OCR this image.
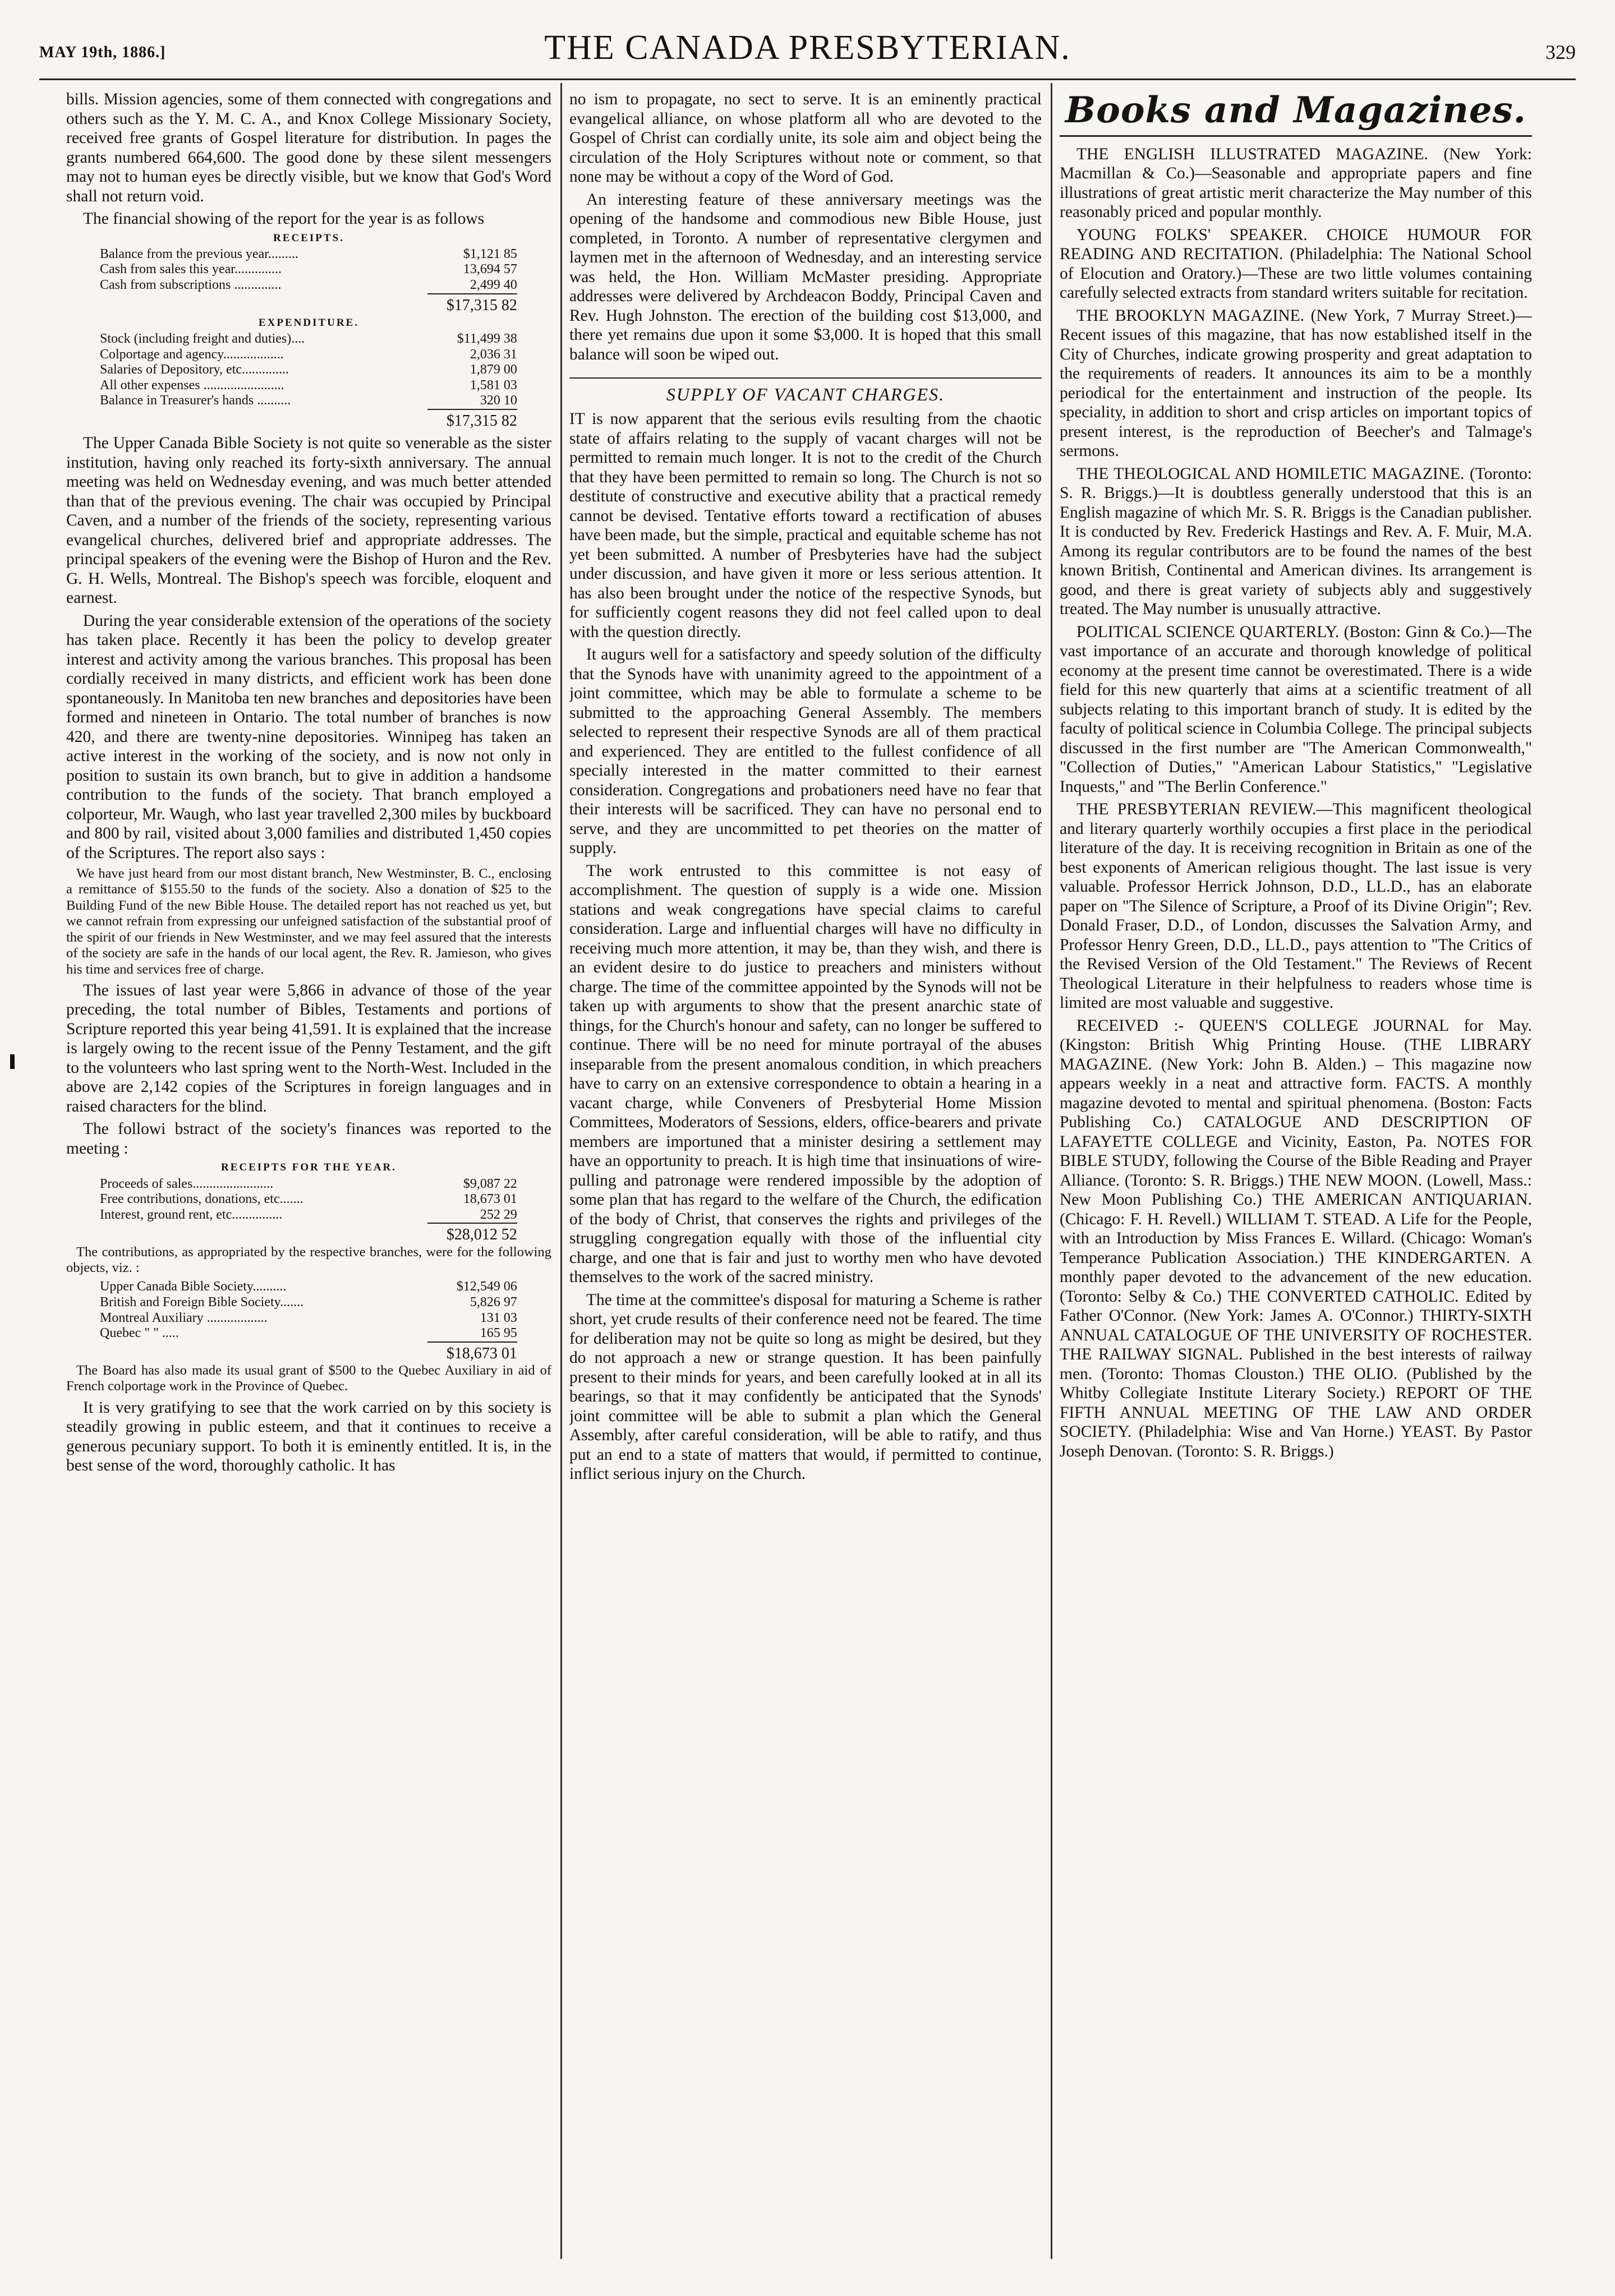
MAY 19th, 1886.]	THE CANADA PRESBYTERIAN.	329

bills. Mission agencies, some of them connected with congregations and others such as the Y. M. C. A., and Knox College Missionary Society, received free grants of Gospel literature for distribution. In pages the grants numbered 664,600. The good done by these silent messengers may not to human eyes be directly visible, but we know that God's Word shall not return void.

The financial showing of the report for the year is as follows

RECEIPTS.
Balance from the previous year.........	$1,121 85
Cash from sales this year..............	13,694 57
Cash from subscriptions ..............	2,499 40
	$17,315 82
EXPENDITURE.
Stock (including freight and duties)....	$11,499 38
Colportage and agency..................	2,036 31
Salaries of Depository, etc..............	1,879 00
All other expenses ........................	1,581 03
Balance in Treasurer's hands ..........	320 10
	$17,315 82

The Upper Canada Bible Society is not quite so venerable as the sister institution, having only reached its forty-sixth anniversary. The annual meeting was held on Wednesday evening, and was much better attended than that of the previous evening. The chair was occupied by Principal Caven, and a number of the friends of the society, representing various evangelical churches, delivered brief and appropriate addresses. The principal speakers of the evening were the Bishop of Huron and the Rev. G. H. Wells, Montreal. The Bishop's speech was forcible, eloquent and earnest.

During the year considerable extension of the operations of the society has taken place. Recently it has been the policy to develop greater interest and activity among the various branches. This proposal has been cordially received in many districts, and efficient work has been done spontaneously. In Manitoba ten new branches and depositories have been formed and nineteen in Ontario. The total number of branches is now 420, and there are twenty-nine depositories. Winnipeg has taken an active interest in the working of the society, and is now not only in position to sustain its own branch, but to give in addition a handsome contribution to the funds of the society. That branch employed a colporteur, Mr. Waugh, who last year travelled 2,300 miles by buckboard and 800 by rail, visited about 3,000 families and distributed 1,450 copies of the Scriptures. The report also says :

We have just heard from our most distant branch, New Westminster, B. C., enclosing a remittance of $155.50 to the funds of the society. Also a donation of $25 to the Building Fund of the new Bible House. The detailed report has not reached us yet, but we cannot refrain from expressing our unfeigned satisfaction of the substantial proof of the spirit of our friends in New Westminster, and we may feel assured that the interests of the society are safe in the hands of our local agent, the Rev. R. Jamieson, who gives his time and services free of charge.

The issues of last year were 5,866 in advance of those of the year preceding, the total number of Bibles, Testaments and portions of Scripture reported this year being 41,591. It is explained that the increase is largely owing to the recent issue of the Penny Testament, and the gift to the volunteers who last spring went to the North-West. Included in the above are 2,142 copies of the Scriptures in foreign languages and in raised characters for the blind.

The followi bstract of the society's finances was reported to the meeting :

RECEIPTS FOR THE YEAR.
Proceeds of sales........................	$9,087 22
Free contributions, donations, etc.......	18,673 01
Interest, ground rent, etc...............	252 29
	$28,012 52

The contributions, as appropriated by the respective branches, were for the following objects, viz. :

Upper Canada Bible Society..........	$12,549 06
British and Foreign Bible Society.......	5,826 97
Montreal Auxiliary ..................	131 03
Quebec " " .....	165 95
	$18,673 01

The Board has also made its usual grant of $500 to the Quebec Auxiliary in aid of French colportage work in the Province of Quebec.

It is very gratifying to see that the work carried on by this society is steadily growing in public esteem, and that it continues to receive a generous pecuniary support. To both it is eminently entitled. It is, in the best sense of the word, thoroughly catholic. It has

no ism to propagate, no sect to serve. It is an eminently practical evangelical alliance, on whose platform all who are devoted to the Gospel of Christ can cordially unite, its sole aim and object being the circulation of the Holy Scriptures without note or comment, so that none may be without a copy of the Word of God.

An interesting feature of these anniversary meetings was the opening of the handsome and commodious new Bible House, just completed, in Toronto. A number of representative clergymen and laymen met in the afternoon of Wednesday, and an interesting service was held, the Hon. William McMaster presiding. Appropriate addresses were delivered by Archdeacon Boddy, Principal Caven and Rev. Hugh Johnston. The erection of the building cost $13,000, and there yet remains due upon it some $3,000. It is hoped that this small balance will soon be wiped out.

SUPPLY OF VACANT CHARGES.

IT is now apparent that the serious evils resulting from the chaotic state of affairs relating to the supply of vacant charges will not be permitted to remain much longer. It is not to the credit of the Church that they have been permitted to remain so long. The Church is not so destitute of constructive and executive ability that a practical remedy cannot be devised. Tentative efforts toward a rectification of abuses have been made, but the simple, practical and equitable scheme has not yet been submitted. A number of Presbyteries have had the subject under discussion, and have given it more or less serious attention. It has also been brought under the notice of the respective Synods, but for sufficiently cogent reasons they did not feel called upon to deal with the question directly.

It augurs well for a satisfactory and speedy solution of the difficulty that the Synods have with unanimity agreed to the appointment of a joint committee, which may be able to formulate a scheme to be submitted to the approaching General Assembly. The members selected to represent their respective Synods are all of them practical and experienced. They are entitled to the fullest confidence of all specially interested in the matter committed to their earnest consideration. Congregations and probationers need have no fear that their interests will be sacrificed. They can have no personal end to serve, and they are uncommitted to pet theories on the matter of supply.

The work entrusted to this committee is not easy of accomplishment. The question of supply is a wide one. Mission stations and weak congregations have special claims to careful consideration. Large and influential charges will have no difficulty in receiving much more attention, it may be, than they wish, and there is an evident desire to do justice to preachers and ministers without charge. The time of the committee appointed by the Synods will not be taken up with arguments to show that the present anarchic state of things, for the Church's honour and safety, can no longer be suffered to continue. There will be no need for minute portrayal of the abuses inseparable from the present anomalous condition, in which preachers have to carry on an extensive correspondence to obtain a hearing in a vacant charge, while Conveners of Presbyterial Home Mission Committees, Moderators of Sessions, elders, office-bearers and private members are importuned that a minister desiring a settlement may have an opportunity to preach. It is high time that insinuations of wire-pulling and patronage were rendered impossible by the adoption of some plan that has regard to the welfare of the Church, the edification of the body of Christ, that conserves the rights and privileges of the struggling congregation equally with those of the influential city charge, and one that is fair and just to worthy men who have devoted themselves to the work of the sacred ministry.

The time at the committee's disposal for maturing a Scheme is rather short, yet crude results of their conference need not be feared. The time for deliberation may not be quite so long as might be desired, but they do not approach a new or strange question. It has been painfully present to their minds for years, and been carefully looked at in all its bearings, so that it may confidently be anticipated that the Synods' joint committee will be able to submit a plan which the General Assembly, after careful consideration, will be able to ratify, and thus put an end to a state of matters that would, if permitted to continue, inflict serious injury on the Church.

Books and Magazines.

THE ENGLISH ILLUSTRATED MAGAZINE. (New York: Macmillan & Co.)—Seasonable and appropriate papers and fine illustrations of great artistic merit characterize the May number of this reasonably priced and popular monthly.

YOUNG FOLKS' SPEAKER. CHOICE HUMOUR FOR READING AND RECITATION. (Philadelphia: The National School of Elocution and Oratory.)—These are two little volumes containing carefully selected extracts from standard writers suitable for recitation.

THE BROOKLYN MAGAZINE. (New York, 7 Murray Street.)—Recent issues of this magazine, that has now established itself in the City of Churches, indicate growing prosperity and great adaptation to the requirements of readers. It announces its aim to be a monthly periodical for the entertainment and instruction of the people. Its speciality, in addition to short and crisp articles on important topics of present interest, is the reproduction of Beecher's and Talmage's sermons.

THE THEOLOGICAL AND HOMILETIC MAGAZINE. (Toronto: S. R. Briggs.)—It is doubtless generally understood that this is an English magazine of which Mr. S. R. Briggs is the Canadian publisher. It is conducted by Rev. Frederick Hastings and Rev. A. F. Muir, M.A. Among its regular contributors are to be found the names of the best known British, Continental and American divines. Its arrangement is good, and there is great variety of subjects ably and suggestively treated. The May number is unusually attractive.

POLITICAL SCIENCE QUARTERLY. (Boston: Ginn & Co.)—The vast importance of an accurate and thorough knowledge of political economy at the present time cannot be overestimated. There is a wide field for this new quarterly that aims at a scientific treatment of all subjects relating to this important branch of study. It is edited by the faculty of political science in Columbia College. The principal subjects discussed in the first number are "The American Commonwealth," "Collection of Duties," "American Labour Statistics," "Legislative Inquests," and "The Berlin Conference."

THE PRESBYTERIAN REVIEW.—This magnificent theological and literary quarterly worthily occupies a first place in the periodical literature of the day. It is receiving recognition in Britain as one of the best exponents of American religious thought. The last issue is very valuable. Professor Herrick Johnson, D.D., LL.D., has an elaborate paper on "The Silence of Scripture, a Proof of its Divine Origin"; Rev. Donald Fraser, D.D., of London, discusses the Salvation Army, and Professor Henry Green, D.D., LL.D., pays attention to "The Critics of the Revised Version of the Old Testament." The Reviews of Recent Theological Literature in their helpfulness to readers whose time is limited are most valuable and suggestive.

RECEIVED :- QUEEN'S COLLEGE JOURNAL for May. (Kingston: British Whig Printing House. (THE LIBRARY MAGAZINE. (New York: John B. Alden.) – This magazine now appears weekly in a neat and attractive form. FACTS. A monthly magazine devoted to mental and spiritual phenomena. (Boston: Facts Publishing Co.) CATALOGUE AND DESCRIPTION OF LAFAYETTE COLLEGE and Vicinity, Easton, Pa. NOTES FOR BIBLE STUDY, following the Course of the Bible Reading and Prayer Alliance. (Toronto: S. R. Briggs.) THE NEW MOON. (Lowell, Mass.: New Moon Publishing Co.) THE AMERICAN ANTIQUARIAN. (Chicago: F. H. Revell.) WILLIAM T. STEAD. A Life for the People, with an Introduction by Miss Frances E. Willard. (Chicago: Woman's Temperance Publication Association.) THE KINDERGARTEN. A monthly paper devoted to the advancement of the new education. (Toronto: Selby & Co.) THE CONVERTED CATHOLIC. Edited by Father O'Connor. (New York: James A. O'Connor.) THIRTY-SIXTH ANNUAL CATALOGUE OF THE UNIVERSITY OF ROCHESTER. THE RAILWAY SIGNAL. Published in the best interests of railway men. (Toronto: Thomas Clouston.) THE OLIO. (Published by the Whitby Collegiate Institute Literary Society.) REPORT OF THE FIFTH ANNUAL MEETING OF THE LAW AND ORDER SOCIETY. (Philadelphia: Wise and Van Horne.) YEAST. By Pastor Joseph Denovan. (Toronto: S. R. Briggs.)
